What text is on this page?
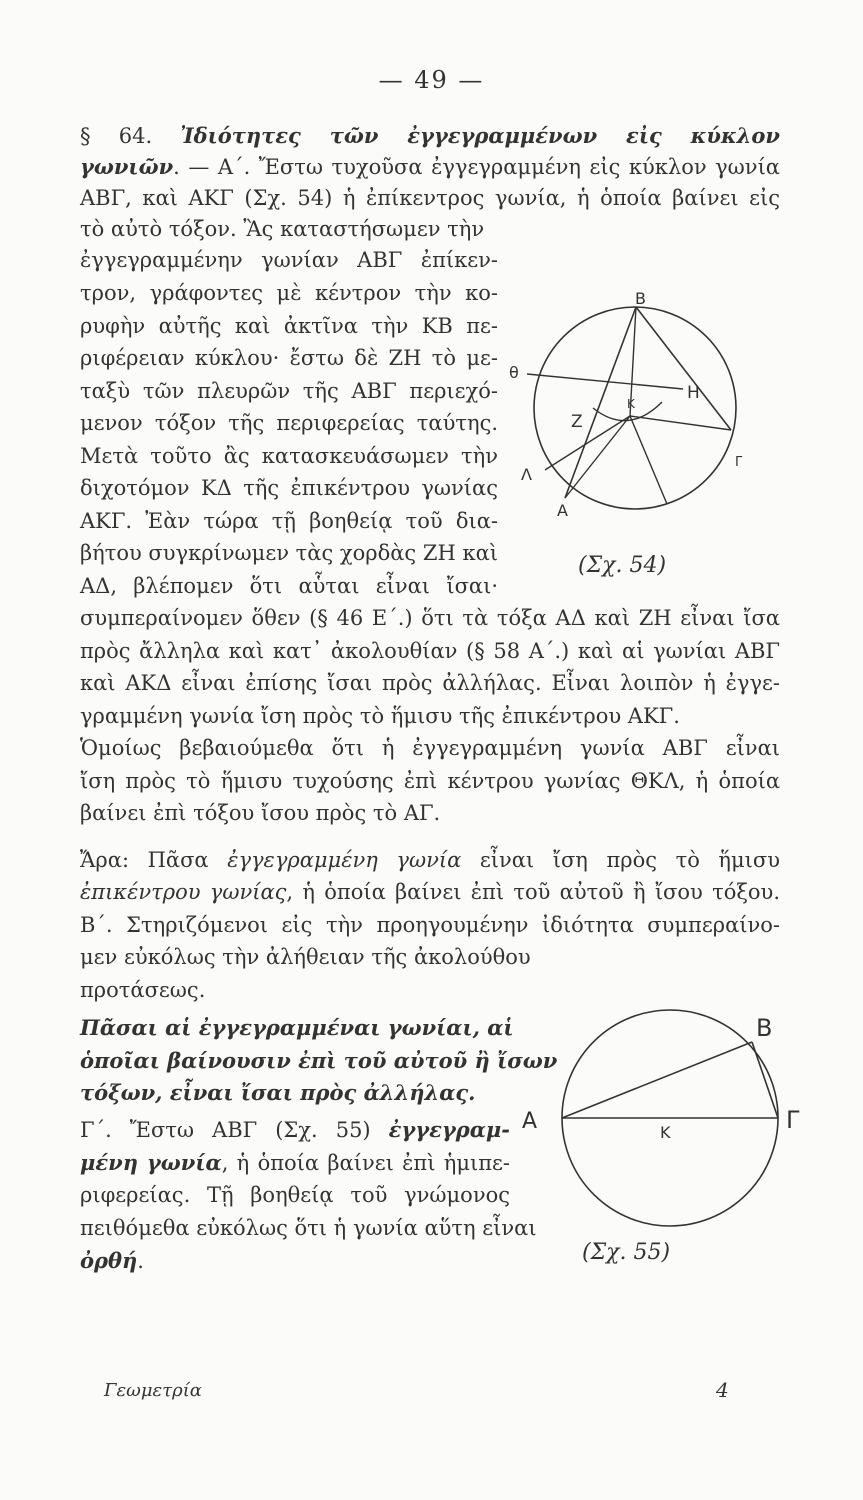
— 49 —
§ 64. Ἰδιότητες τῶν ἐγγεγραμμένων εἰς κύκλον
γωνιῶν. — Α΄. Ἔστω τυχοῦσα ἐγγεγραμμένη εἰς κύκλον γωνία
ΑΒΓ, καὶ ΑΚΓ (Σχ. 54) ἡ ἐπίκεντρος γωνία, ἡ ὁποία βαίνει εἰς
τὸ αὐτὸ τόξον. Ἂς καταστήσωμεν τὴν
ἐγγεγραμμένην γωνίαν ΑΒΓ ἐπίκεν-
τρον, γράφοντες μὲ κέντρον τὴν κο-
ρυφὴν αὐτῆς καὶ ἀκτῖνα τὴν ΚΒ πε-
ριφέρειαν κύκλου· ἔστω δὲ ΖΗ τὸ με-
ταξὺ τῶν πλευρῶν τῆς ΑΒΓ περιεχό-
μενον τόξον τῆς περιφερείας ταύτης.
Μετὰ τοῦτο ἂς κατασκευάσωμεν τὴν
διχοτόμον ΚΔ τῆς ἐπικέντρου γωνίας
ΑΚΓ. Ἐὰν τώρα τῇ βοηθείᾳ τοῦ δια-
βήτου συγκρίνωμεν τὰς χορδὰς ΖΗ καὶ
ΑΔ, βλέπομεν ὅτι αὗται εἶναι ἴσαι·
συμπεραίνομεν ὅθεν (§ 46 Ε΄.) ὅτι τὰ τόξα ΑΔ καὶ ΖΗ εἶναι ἴσα
πρὸς ἄλληλα καὶ κατ᾽ ἀκολουθίαν (§ 58 Α΄.) καὶ αἱ γωνίαι ΑΒΓ
καὶ ΑΚΔ εἶναι ἐπίσης ἴσαι πρὸς ἀλλήλας. Εἶναι λοιπὸν ἡ ἐγγε-
γραμμένη γωνία ἴση πρὸς τὸ ἥμισυ τῆς ἐπικέντρου ΑΚΓ.
Ὁμοίως βεβαιούμεθα ὅτι ἡ ἐγγεγραμμένη γωνία ΑΒΓ εἶναι
ἴση πρὸς τὸ ἥμισυ τυχούσης ἐπὶ κέντρου γωνίας ΘΚΛ, ἡ ὁποία
βαίνει ἐπὶ τόξου ἴσου πρὸς τὸ ΑΓ.
Ἄρα: Πᾶσα ἐγγεγραμμένη γωνία εἶναι ἴση πρὸς τὸ ἥμισυ
ἐπικέντρου γωνίας, ἡ ὁποία βαίνει ἐπὶ τοῦ αὐτοῦ ἢ ἴσου τόξου.
Β΄. Στηριζόμενοι εἰς τὴν προηγουμένην ἰδιότητα συμπεραίνο-
μεν εὐκόλως τὴν ἀλήθειαν τῆς ἀκολούθου
προτάσεως.
Πᾶσαι αἱ ἐγγεγραμμέναι γωνίαι, αἱ
ὁποῖαι βαίνουσιν ἐπὶ τοῦ αὐτοῦ ἢ ἴσων
τόξων, εἶναι ἴσαι πρὸς ἀλλήλας.
Γ΄. Ἔστω ΑΒΓ (Σχ. 55) ἐγγεγραμ-
μένη γωνία, ἡ ὁποία βαίνει ἐπὶ ἡμιπε-
ριφερείας. Τῇ βοηθείᾳ τοῦ γνώμονος
πειθόμεθα εὐκόλως ὅτι ἡ γωνία αὕτη εἶναι
ὀρθή.
B
H
θ
Z
K
Γ
Λ
A
(Σχ. 54)
B
A	Γ
K
(Σχ. 55)
Γεωμετρία	4
